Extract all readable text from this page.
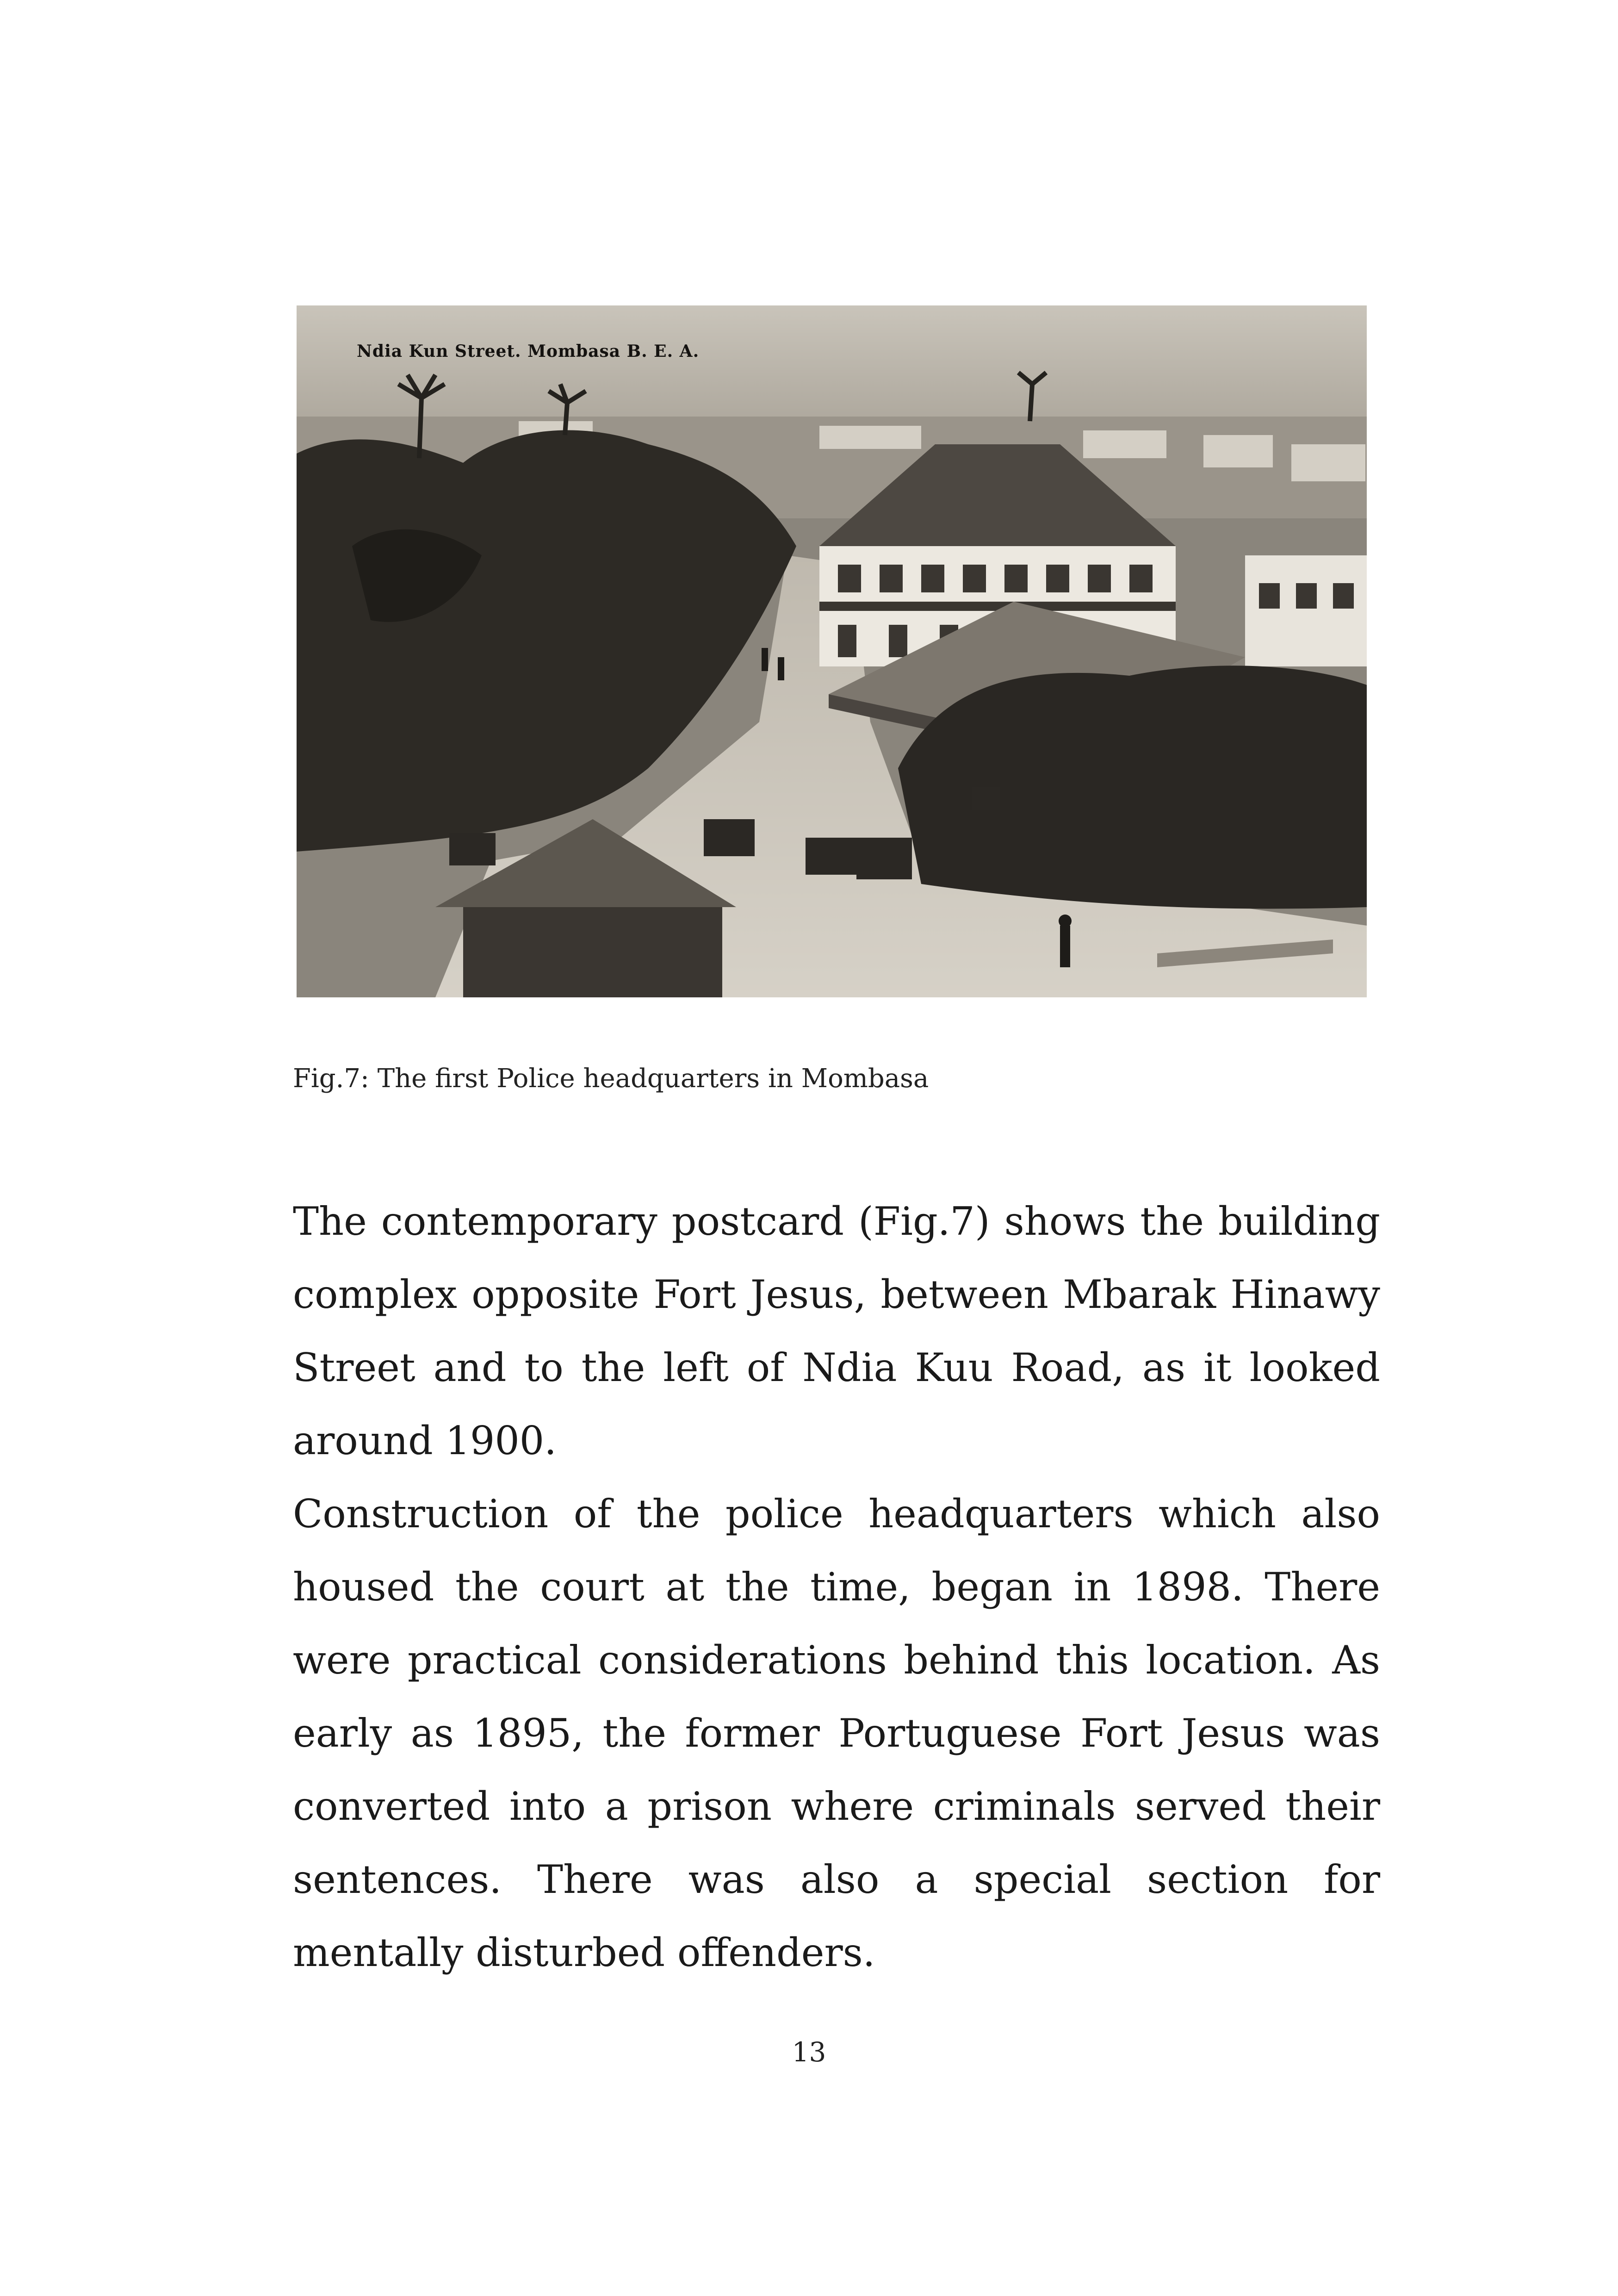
Ndia Kun Street. Mombasa B. E. A.
Fig.7: The first Police headquarters in Mombasa

The contemporary postcard (Fig.7) shows the building complex opposite Fort Jesus, between Mbarak Hinawy Street and to the left of Ndia Kuu Road, as it looked around 1900.

Construction of the police headquarters which also housed the court at the time, began in 1898. There were practical considerations behind this location. As early as 1895, the former Portuguese Fort Jesus was converted into a prison where criminals served their sentences. There was also a special section for mentally disturbed offenders.

13
